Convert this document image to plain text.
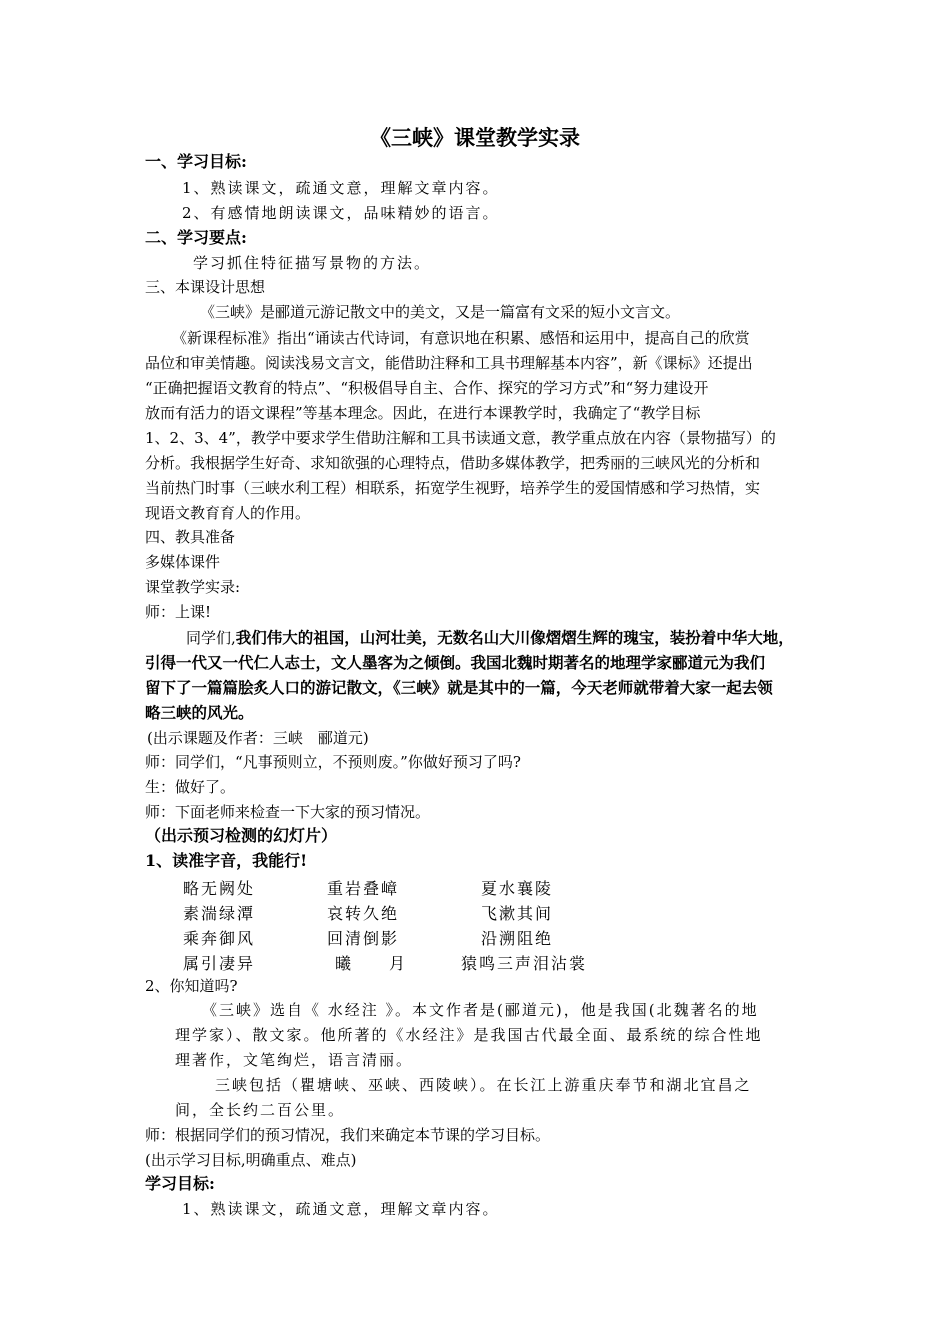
《三峡》课堂教学实录
一、学习目标:
1、熟读课文，疏通文意，理解文章内容。
2、有感情地朗读课文，品味精妙的语言。
二、学习要点:
学习抓住特征描写景物的方法。
三、本课设计思想
《三峡》是郦道元游记散文中的美文，又是一篇富有文采的短小文言文。
《新课程标准》指出“诵读古代诗词，有意识地在积累、感悟和运用中，提高自己的欣赏
品位和审美情趣。阅读浅易文言文，能借助注释和工具书理解基本内容”，新《课标》还提出
“正确把握语文教育的特点”、“积极倡导自主、合作、探究的学习方式”和“努力建设开
放而有活力的语文课程”等基本理念。因此，在进行本课教学时，我确定了“教学目标
1、2、3、4”，教学中要求学生借助注解和工具书读通文意，教学重点放在内容（景物描写）的
分析。我根据学生好奇、求知欲强的心理特点，借助多媒体教学，把秀丽的三峡风光的分析和
当前热门时事（三峡水利工程）相联系，拓宽学生视野，培养学生的爱国情感和学习热情，实
现语文教育育人的作用。
四、教具准备
多媒体课件
课堂教学实录:
师：上课!
同学们,我们伟大的祖国，山河壮美，无数名山大川像熠熠生辉的瑰宝，装扮着中华大地，
引得一代又一代仁人志士，文人墨客为之倾倒。我国北魏时期著名的地理学家郦道元为我们
留下了一篇篇脍炙人口的游记散文，《三峡》就是其中的一篇，今天老师就带着大家一起去领
略三峡的风光。
(出示课题及作者：三峡　郦道元)
师：同学们，“凡事预则立，不预则废。”你做好预习了吗?
生：做好了。
师：下面老师来检查一下大家的预习情况。
（出示预习检测的幻灯片）
1、读准字音，我能行!
略无阙处	重岩叠嶂	夏水襄陵
素湍绿潭	哀转久绝	飞漱其间
乘奔御风	回清倒影	沿溯阻绝
属引凄异	曦　　月	猿鸣三声泪沾裳
2、你知道吗?
《三峡》选自《 水经注 》。本文作者是(郦道元)，他是我国(北魏著名的地
理学家）、散文家。他所著的《水经注》是我国古代最全面、最系统的综合性地
理著作，文笔绚烂，语言清丽。
三峡包括（瞿塘峡、巫峡、西陵峡）。在长江上游重庆奉节和湖北宜昌之
间，全长约二百公里。
师：根据同学们的预习情况，我们来确定本节课的学习目标。
(出示学习目标,明确重点、难点)
学习目标:
1、熟读课文，疏通文意，理解文章内容。
